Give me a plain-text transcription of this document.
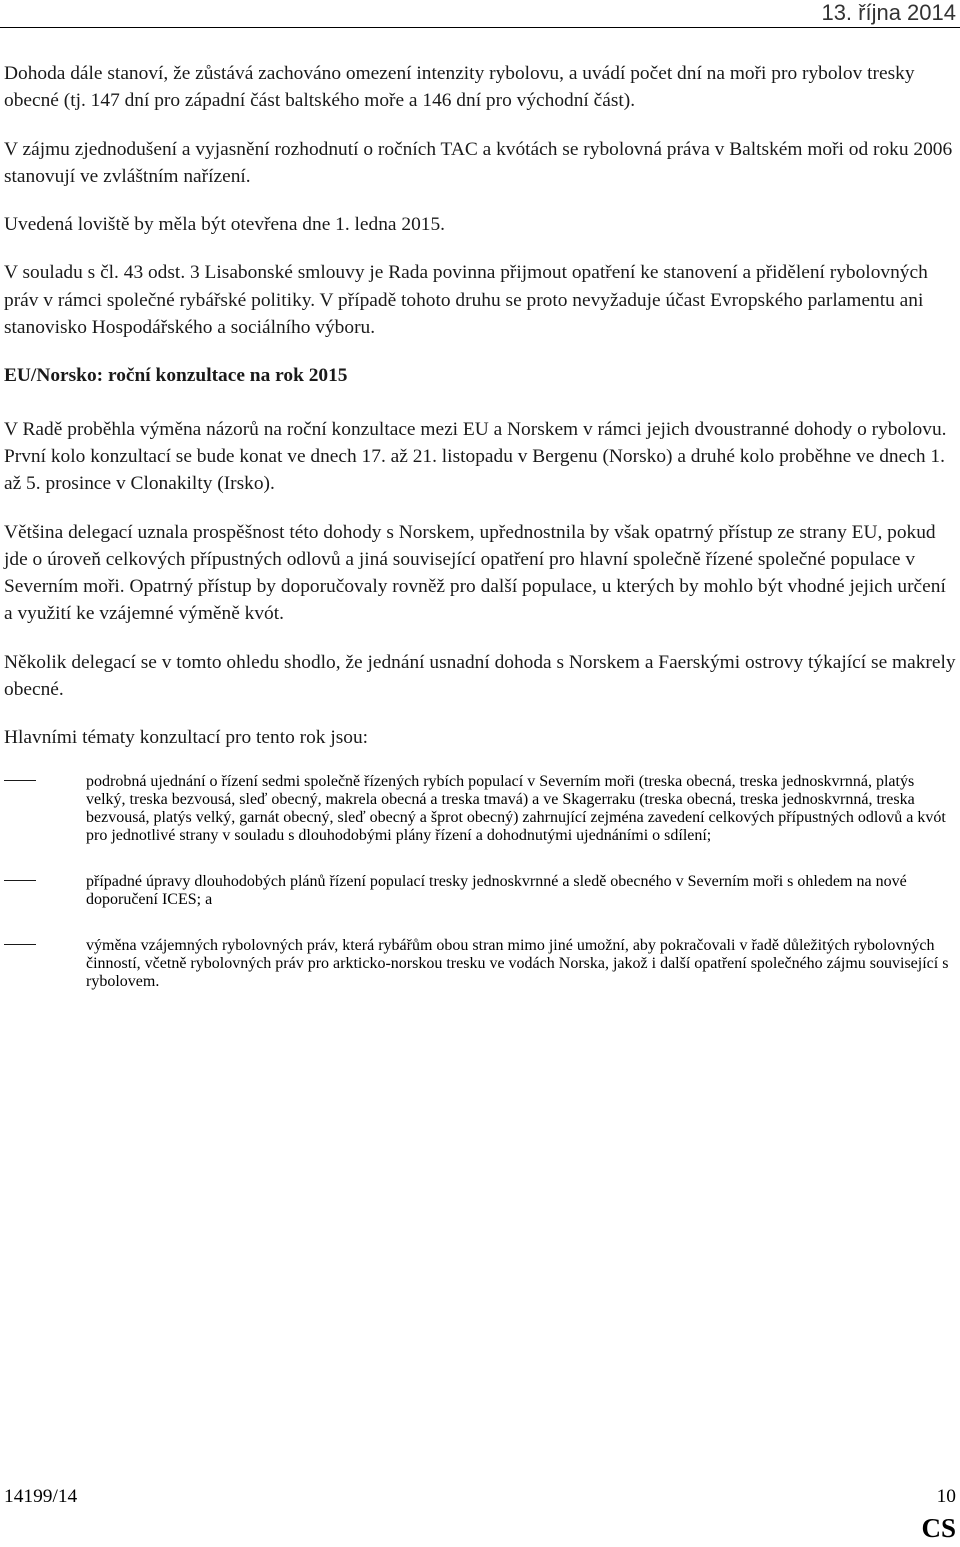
13. října 2014

Dohoda dále stanoví, že zůstává zachováno omezení intenzity rybolovu, a uvádí počet dní na moři pro rybolov tresky obecné (tj. 147 dní pro západní část baltského moře a 146 dní pro východní část).

V zájmu zjednodušení a vyjasnění rozhodnutí o ročních TAC a kvótách se rybolovná práva v Baltském moři od roku 2006 stanovují ve zvláštním nařízení.

Uvedená loviště by měla být otevřena dne 1. ledna 2015.

V souladu s čl. 43 odst. 3 Lisabonské smlouvy je Rada povinna přijmout opatření ke stanovení a přidělení rybolovných práv v rámci společné rybářské politiky. V případě tohoto druhu se proto nevyžaduje účast Evropského parlamentu ani stanovisko Hospodářského a sociálního výboru.

EU/Norsko: roční konzultace na rok 2015

V Radě proběhla výměna názorů na roční konzultace mezi EU a Norskem v rámci jejich dvoustranné dohody o rybolovu. První kolo konzultací se bude konat ve dnech 17. až 21. listopadu v Bergenu (Norsko) a druhé kolo proběhne ve dnech 1. až 5. prosince v Clonakilty (Irsko).

Většina delegací uznala prospěšnost této dohody s Norskem, upřednostnila by však opatrný přístup ze strany EU, pokud jde o úroveň celkových přípustných odlovů a jiná související opatření pro hlavní společně řízené společné populace v Severním moři. Opatrný přístup by doporučovaly rovněž pro další populace, u kterých by mohlo být vhodné jejich určení a využití ke vzájemné výměně kvót.

Několik delegací se v tomto ohledu shodlo, že jednání usnadní dohoda s Norskem a Faerskými ostrovy týkající se makrely obecné.

Hlavními tématy konzultací pro tento rok jsou:

podrobná ujednání o řízení sedmi společně řízených rybích populací v Severním moři (treska obecná, treska jednoskvrnná, platýs velký, treska bezvousá, sleď obecný, makrela obecná a treska tmavá) a ve Skagerraku (treska obecná, treska jednoskvrnná, treska bezvousá, platýs velký, garnát obecný, sleď obecný a šprot obecný) zahrnující zejména zavedení celkových přípustných odlovů a kvót pro jednotlivé strany v souladu s dlouhodobými plány řízení a dohodnutými ujednáními o sdílení;
případné úpravy dlouhodobých plánů řízení populací tresky jednoskvrnné a sledě obecného v Severním moři s ohledem na nové doporučení ICES; a
výměna vzájemných rybolovných práv, která rybářům obou stran mimo jiné umožní, aby pokračovali v řadě důležitých rybolovných činností, včetně rybolovných práv pro arkticko-norskou tresku ve vodách Norska, jakož i další opatření společného zájmu související s rybolovem.
14199/14	10
CS
